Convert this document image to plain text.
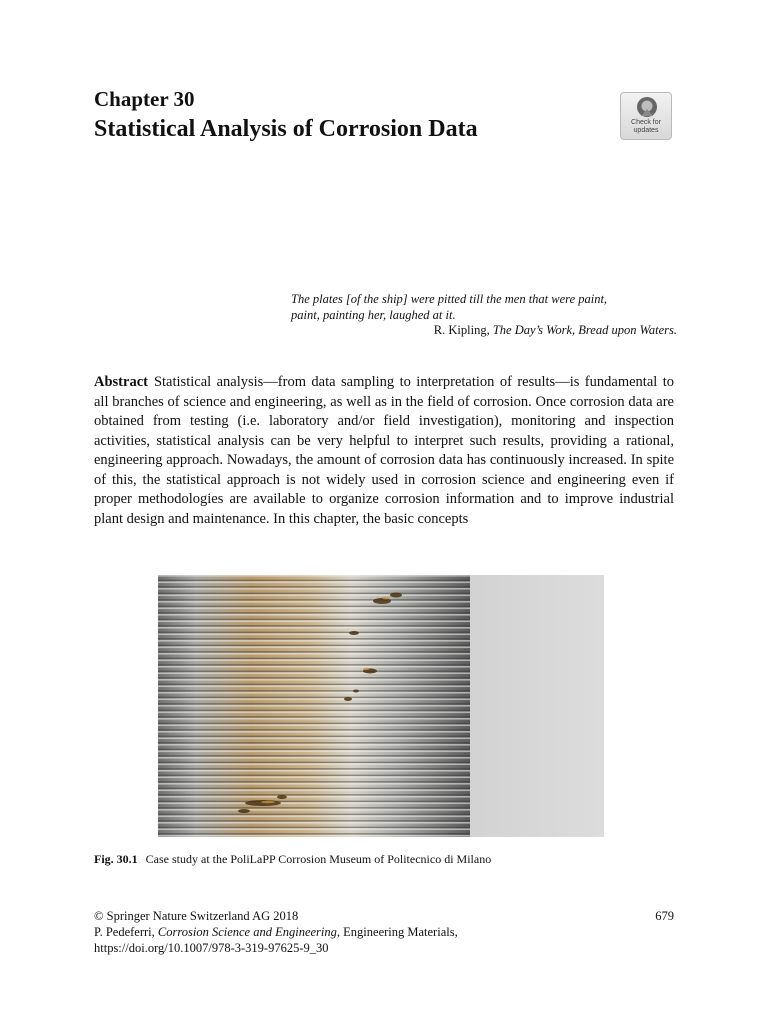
Chapter 30
Statistical Analysis of Corrosion Data	Check for
updates
The plates [of the ship] were pitted till the men that were paint,
paint, painting her, laughed at it.
R. Kipling, The Day’s Work, Bread upon Waters.
Abstract Statistical analysis—from data sampling to interpretation of results—is fundamental to all branches of science and engineering, as well as in the field of corrosion. Once corrosion data are obtained from testing (i.e. laboratory and/or field investigation), monitoring and inspection activities, statistical analysis can be very helpful to interpret such results, providing a rational, engineering approach. Nowadays, the amount of corrosion data has continuously increased. In spite of this, the statistical approach is not widely used in corrosion science and engineering even if proper methodologies are available to organize corrosion information and to improve industrial plant design and maintenance. In this chapter, the basic concepts
Fig. 30.1 Case study at the PoliLaPP Corrosion Museum of Politecnico di Milano
© Springer Nature Switzerland AG 2018
P. Pedeferri, Corrosion Science and Engineering, Engineering Materials,
https://doi.org/10.1007/978-3-319-97625-9_30
679
